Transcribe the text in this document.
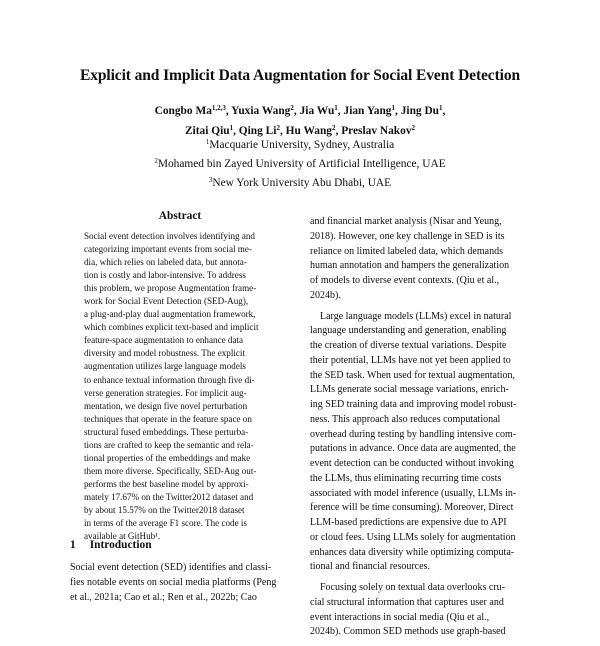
Explicit and Implicit Data Augmentation for Social Event Detection
Congbo Ma$^{1,2,3}$, Yuxia Wang$^2$, Jia Wu$^1$, Jian Yang$^1$, Jing Du$^1$,
Zitai Qiu$^1$, Qing Li$^2$, Hu Wang$^2$, Preslav Nakov$^2$
$^1$Macquarie University, Sydney, Australia
$^2$Mohamed bin Zayed University of Artificial Intelligence, UAE
$^3$New York University Abu Dhabi, UAE
Abstract
Social event detection involves identifying and
categorizing important events from social me-
dia, which relies on labeled data, but annota-
tion is costly and labor-intensive. To address
this problem, we propose Augmentation frame-
work for Social Event Detection (SED-Aug),
a plug-and-play dual augmentation framework,
which combines explicit text-based and implicit
feature-space augmentation to enhance data
diversity and model robustness. The explicit
augmentation utilizes large language models
to enhance textual information through five di-
verse generation strategies. For implicit aug-
mentation, we design five novel perturbation
techniques that operate in the feature space on
structural fused embeddings. These perturba-
tions are crafted to keep the semantic and rela-
tional properties of the embeddings and make
them more diverse. Specifically, SED-Aug out-
performs the best baseline model by approxi-
mately 17.67% on the Twitter2012 dataset and
by about 15.57% on the Twitter2018 dataset
in terms of the average F1 score. The code is
available at GitHub¹.
1 Introduction
Social event detection (SED) identifies and classi-
fies notable events on social media platforms (Peng
et al., 2021a; Cao et al.; Ren et al., 2022b; Cao
and financial market analysis (Nisar and Yeung,
2018). However, one key challenge in SED is its
reliance on limited labeled data, which demands
human annotation and hampers the generalization
of models to diverse event contexts. (Qiu et al.,
2024b).
Large language models (LLMs) excel in natural
language understanding and generation, enabling
the creation of diverse textual variations. Despite
their potential, LLMs have not yet been applied to
the SED task. When used for textual augmentation,
LLMs generate social message variations, enrich-
ing SED training data and improving model robust-
ness. This approach also reduces computational
overhead during testing by handling intensive com-
putations in advance. Once data are augmented, the
event detection can be conducted without invoking
the LLMs, thus eliminating recurring time costs
associated with model inference (usually, LLMs in-
ference will be time consuming). Moreover, Direct
LLM-based predictions are expensive due to API
or cloud fees. Using LLMs solely for augmentation
enhances data diversity while optimizing computa-
tional and financial resources.
Focusing solely on textual data overlooks cru-
cial structural information that captures user and
event interactions in social media (Qiu et al.,
2024b). Common SED methods use graph-based
